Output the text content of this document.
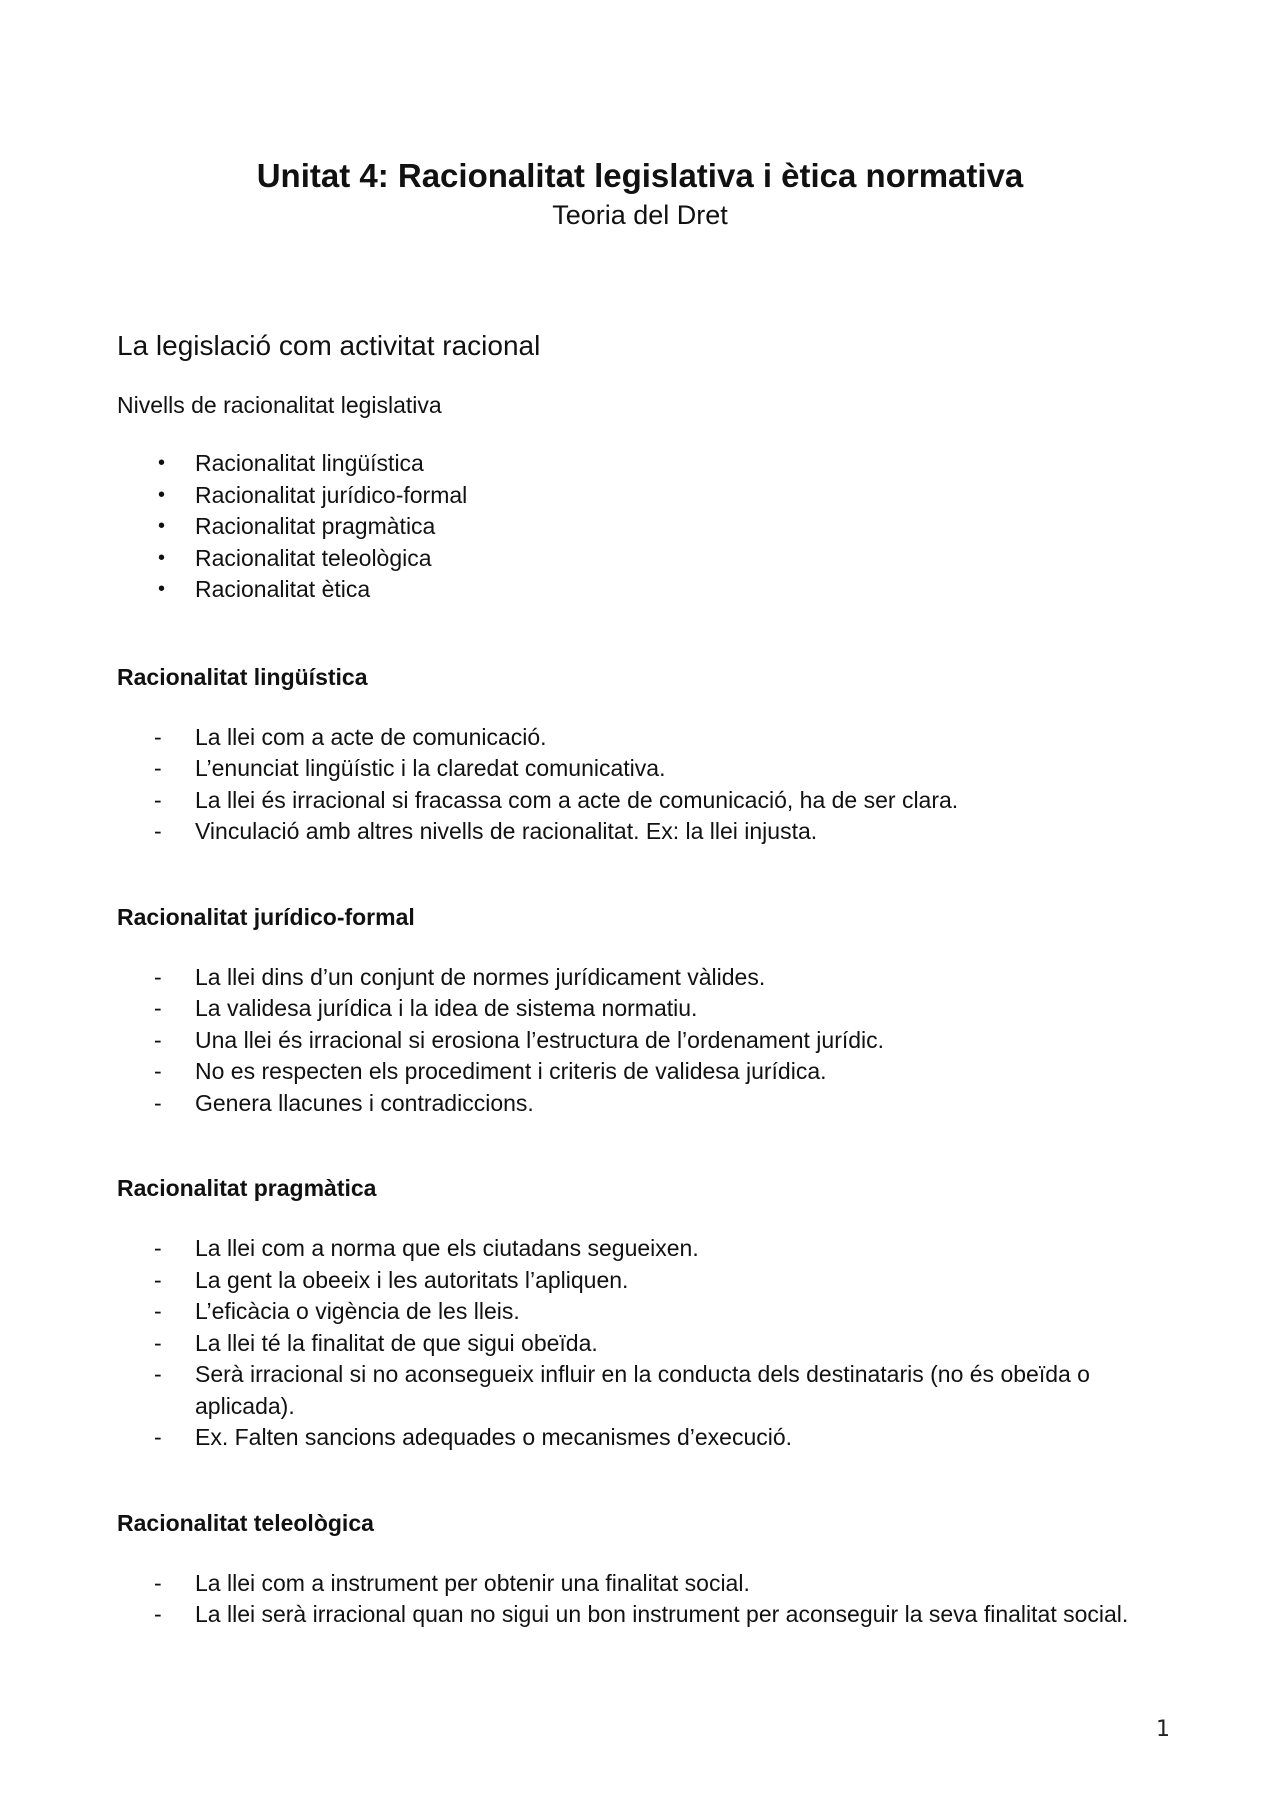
Unitat 4: Racionalitat legislativa i ètica normativa

Teoria del Dret

La legislació com activitat racional

Nivells de racionalitat legislativa

• Racionalitat lingüística
• Racionalitat jurídico-formal
• Racionalitat pragmàtica
• Racionalitat teleològica
• Racionalitat ètica
Racionalitat lingüística
- La llei com a acte de comunicació.
- L’enunciat lingüístic i la claredat comunicativa.
- La llei és irracional si fracassa com a acte de comunicació, ha de ser clara.
- Vinculació amb altres nivells de racionalitat. Ex: la llei injusta.
Racionalitat jurídico-formal
- La llei dins d’un conjunt de normes jurídicament vàlides.
- La validesa jurídica i la idea de sistema normatiu.
- Una llei és irracional si erosiona l’estructura de l’ordenament jurídic.
- No es respecten els procediment i criteris de validesa jurídica.
- Genera llacunes i contradiccions.
Racionalitat pragmàtica
- La llei com a norma que els ciutadans segueixen.
- La gent la obeeix i les autoritats l’apliquen.
- L’eficàcia o vigència de les lleis.
- La llei té la finalitat de que sigui obeïda.
- Serà irracional si no aconsegueix influir en la conducta dels destinataris (no és obeïda o aplicada).
- Ex. Falten sancions adequades o mecanismes d’execució.
Racionalitat teleològica
- La llei com a instrument per obtenir una finalitat social.
- La llei serà irracional quan no sigui un bon instrument per aconseguir la seva finalitat social.
1
